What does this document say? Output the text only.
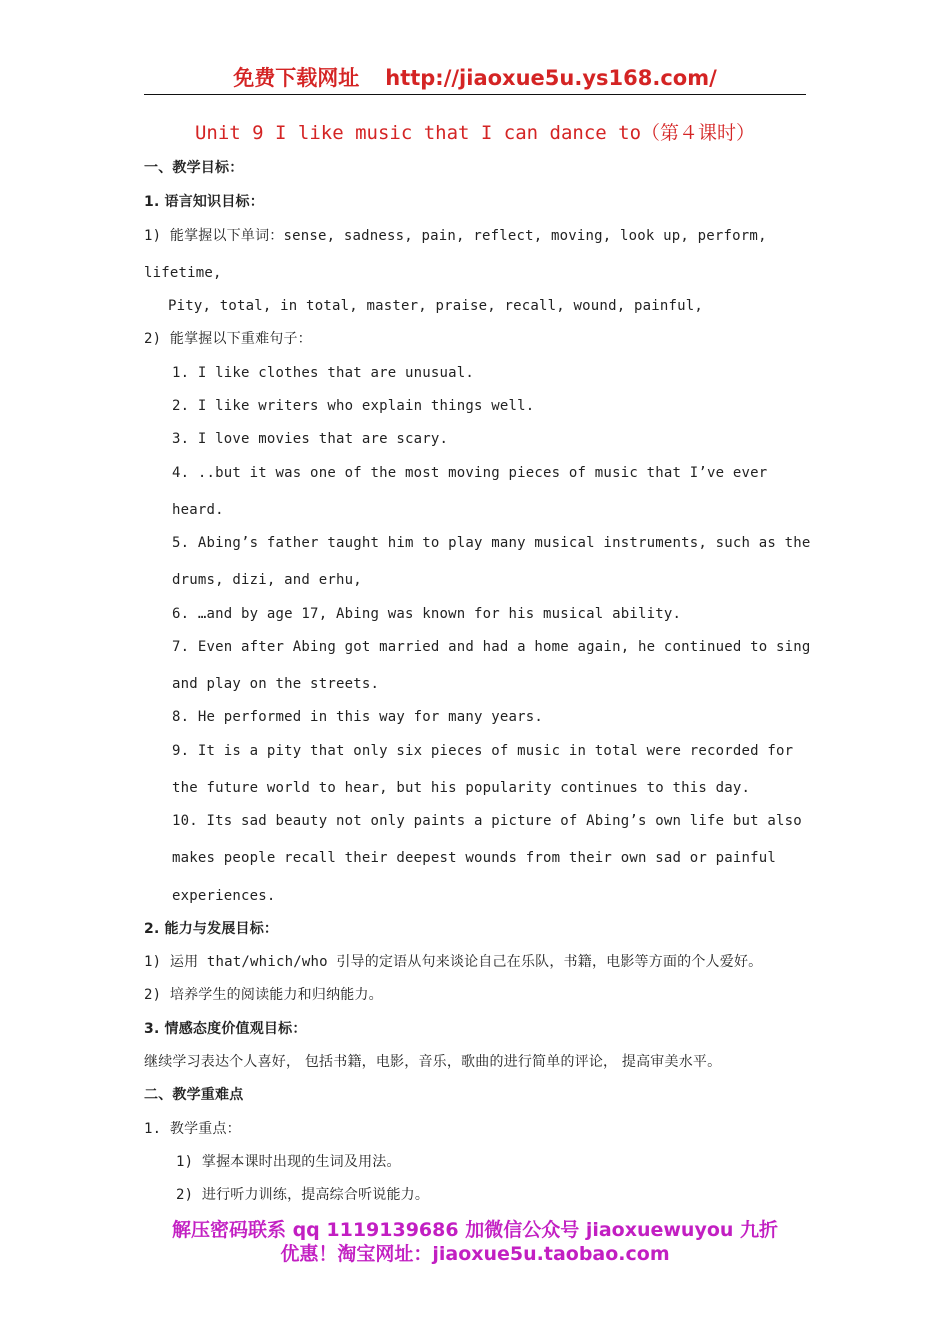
免费下载网址 http://jiaoxue5u.ys168.com/
Unit 9 I like music that I can dance to（第４课时）
一、教学目标：
1. 语言知识目标：
1) 能掌握以下单词：sense, sadness, pain, reflect, moving, look up, perform,
lifetime,
Pity, total, in total, master, praise, recall, wound, painful,
2) 能掌握以下重难句子：
1. I like clothes that are unusual.
2. I like writers who explain things well.
3. I love movies that are scary.
4. ..but it was one of the most moving pieces of music that I’ve ever
heard.
5. Abing’s father taught him to play many musical instruments, such as the
drums, dizi, and erhu,
6. …and by age 17, Abing was known for his musical ability.
7. Even after Abing got married and had a home again, he continued to sing
and play on the streets.
8. He performed in this way for many years.
9. It is a pity that only six pieces of music in total were recorded for
the future world to hear, but his popularity continues to this day.
10. Its sad beauty not only paints a picture of Abing’s own life but also
makes people recall their deepest wounds from their own sad or painful
experiences.
2. 能力与发展目标：
1) 运用 that/which/who 引导的定语从句来谈论自己在乐队，书籍，电影等方面的个人爱好。
2) 培养学生的阅读能力和归纳能力。
3. 情感态度价值观目标：
继续学习表达个人喜好， 包括书籍，电影，音乐，歌曲的进行简单的评论， 提高审美水平。
二、教学重难点
1. 教学重点：
1) 掌握本课时出现的生词及用法。
2) 进行听力训练，提高综合听说能力。
解压密码联系 qq 1119139686 加微信公众号 jiaoxuewuyou 九折
优惠！淘宝网址：jiaoxue5u.taobao.com
